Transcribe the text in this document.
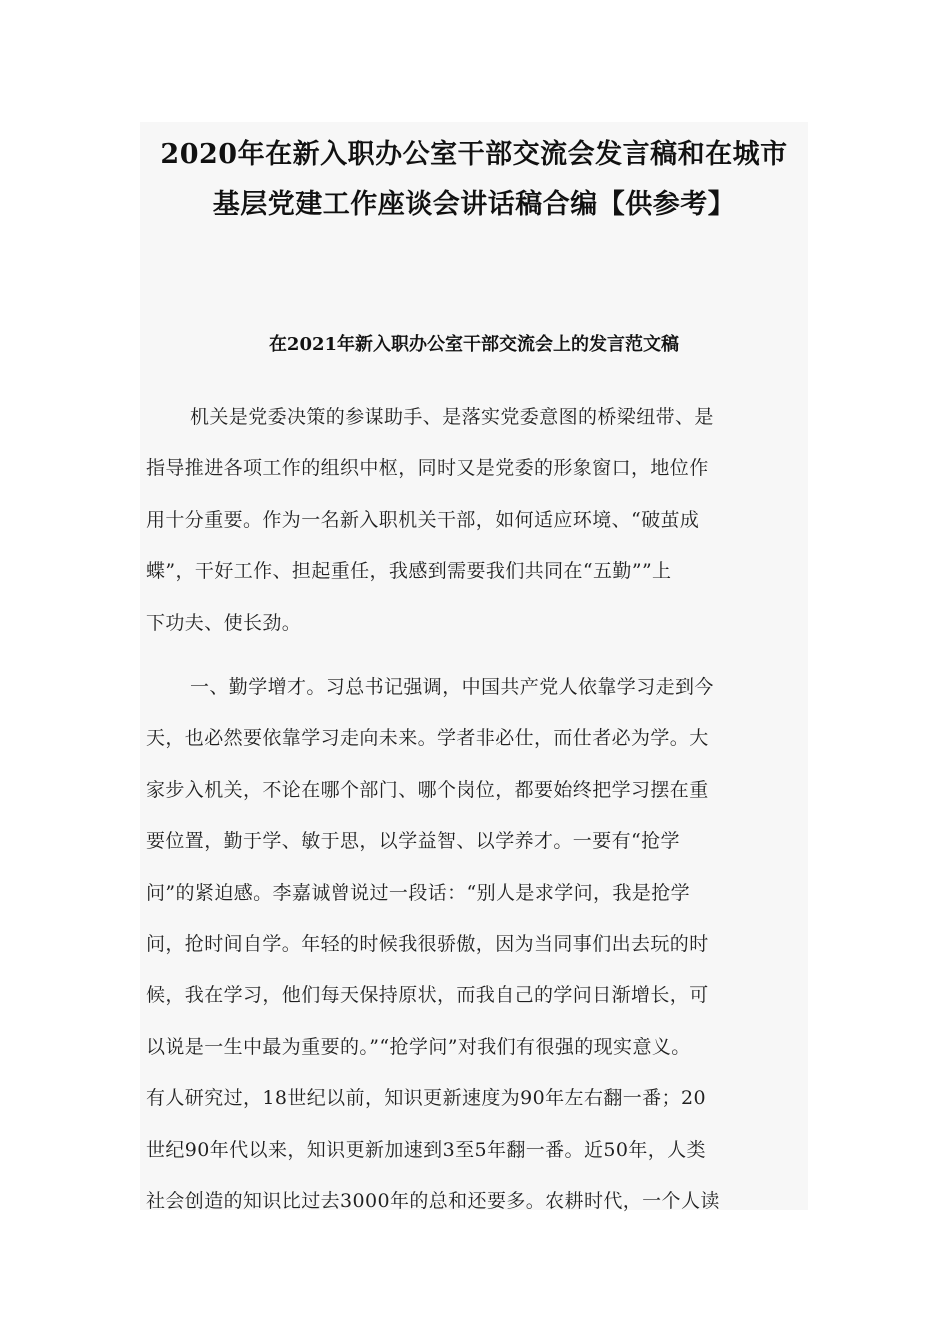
2020年在新入职办公室干部交流会发言稿和在城市
基层党建工作座谈会讲话稿合编【供参考】
在2021年新入职办公室干部交流会上的发言范文稿
机关是党委决策的参谋助手、是落实党委意图的桥梁纽带、是
指导推进各项工作的组织中枢，同时又是党委的形象窗口，地位作
用十分重要。作为一名新入职机关干部，如何适应环境、“破茧成
蝶”，干好工作、担起重任，我感到需要我们共同在“五勤””上
下功夫、使长劲。
一、勤学增才。习总书记强调，中国共产党人依靠学习走到今
天，也必然要依靠学习走向未来。学者非必仕，而仕者必为学。大
家步入机关，不论在哪个部门、哪个岗位，都要始终把学习摆在重
要位置，勤于学、敏于思，以学益智、以学养才。一要有“抢学
问”的紧迫感。李嘉诚曾说过一段话：“别人是求学问，我是抢学
问，抢时间自学。年轻的时候我很骄傲，因为当同事们出去玩的时
候，我在学习，他们每天保持原状，而我自己的学问日渐增长，可
以说是一生中最为重要的。”“抢学问”对我们有很强的现实意义。
有人研究过，18世纪以前，知识更新速度为90年左右翻一番；20
世纪90年代以来，知识更新加速到3至5年翻一番。近50年，人类
社会创造的知识比过去3000年的总和还要多。农耕时代，一个人读
